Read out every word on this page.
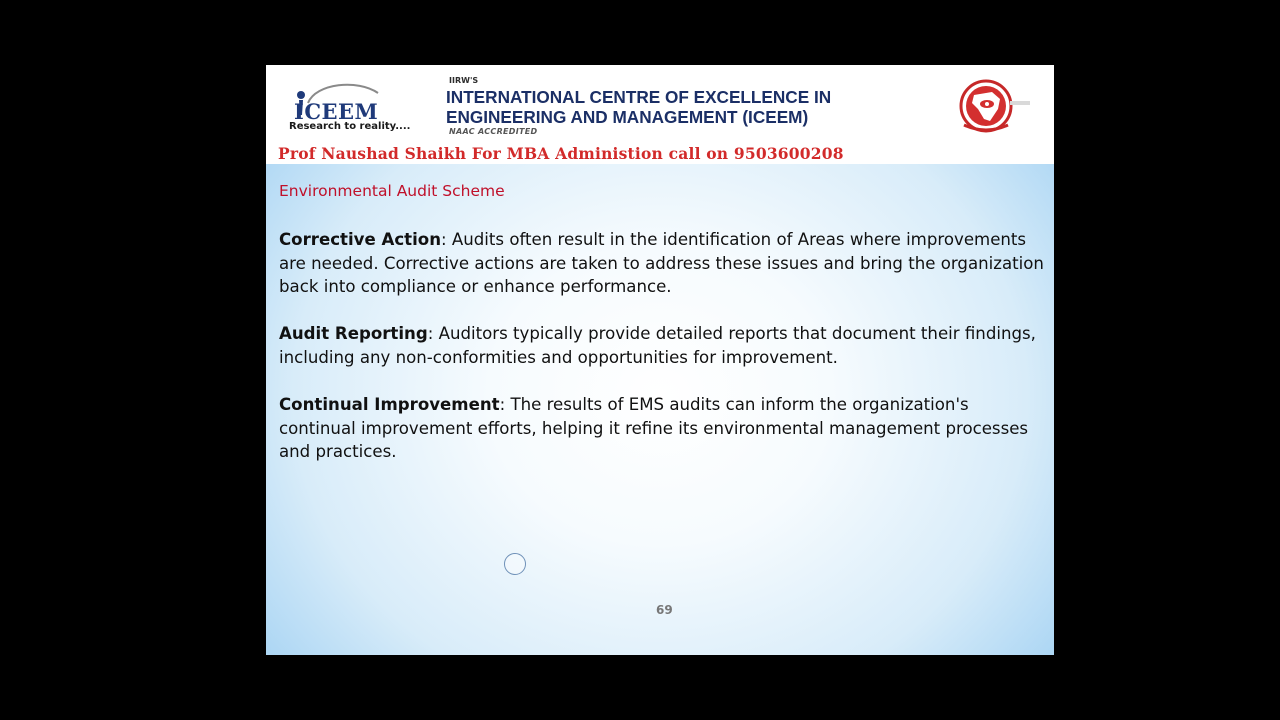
ICEEM
Research to reality....
IIRW'S
INTERNATIONAL CENTRE OF EXCELLENCE IN
ENGINEERING AND MANAGEMENT (ICEEM)
NAAC ACCREDITED
Prof Naushad Shaikh For MBA Administion call on 9503600208
Environmental Audit Scheme

Corrective Action: Audits often result in the identification of Areas where improvements are needed. Corrective actions are taken to address these issues and bring the organization back into compliance or enhance performance.

Audit Reporting: Auditors typically provide detailed reports that document their findings, including any non-conformities and opportunities for improvement.

Continual Improvement: The results of EMS audits can inform the organization's continual improvement efforts, helping it refine its environmental management processes and practices.

69
